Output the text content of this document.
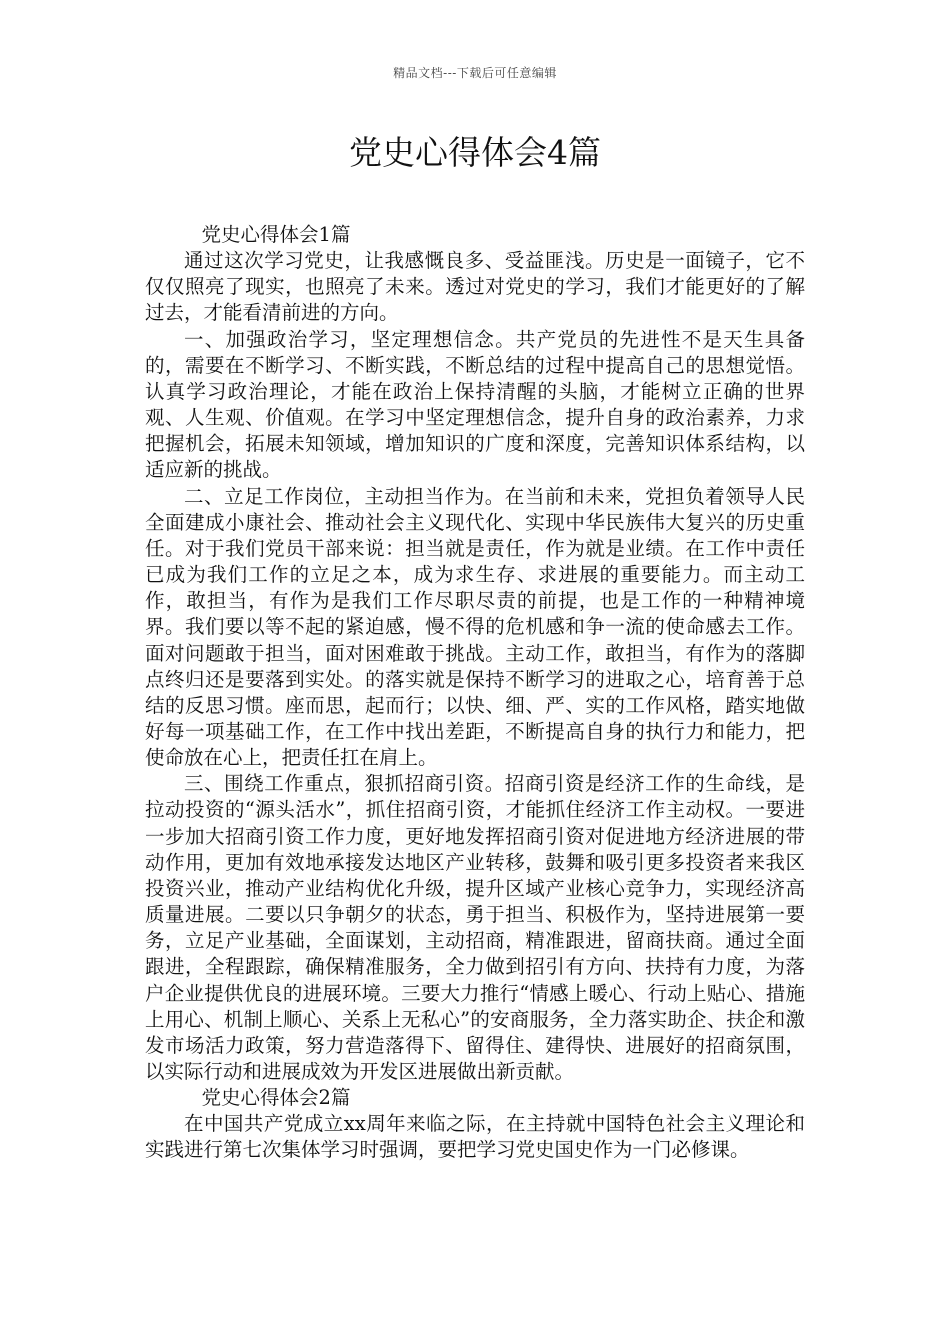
精品文档---下载后可任意编辑
党史心得体会4篇

党史心得体会1篇

通过这次学习党史，让我感慨良多、受益匪浅。历史是一面镜子，它不仅仅照亮了现实，也照亮了未来。透过对党史的学习，我们才能更好的了解过去，才能看清前进的方向。

一、加强政治学习，坚定理想信念。共产党员的先进性不是天生具备的，需要在不断学习、不断实践，不断总结的过程中提高自己的思想觉悟。认真学习政治理论，才能在政治上保持清醒的头脑，才能树立正确的世界观、人生观、价值观。在学习中坚定理想信念，提升自身的政治素养，力求把握机会，拓展未知领域，增加知识的广度和深度，完善知识体系结构，以适应新的挑战。

二、立足工作岗位，主动担当作为。在当前和未来，党担负着领导人民全面建成小康社会、推动社会主义现代化、实现中华民族伟大复兴的历史重任。对于我们党员干部来说：担当就是责任，作为就是业绩。在工作中责任已成为我们工作的立足之本，成为求生存、求进展的重要能力。而主动工作，敢担当，有作为是我们工作尽职尽责的前提，也是工作的一种精神境界。我们要以等不起的紧迫感，慢不得的危机感和争一流的使命感去工作。面对问题敢于担当，面对困难敢于挑战。主动工作，敢担当，有作为的落脚点终归还是要落到实处。的落实就是保持不断学习的进取之心，培育善于总结的反思习惯。座而思，起而行；以快、细、严、实的工作风格，踏实地做好每一项基础工作，在工作中找出差距，不断提高自身的执行力和能力，把使命放在心上，把责任扛在肩上。

三、围绕工作重点，狠抓招商引资。招商引资是经济工作的生命线，是拉动投资的“源头活水”，抓住招商引资，才能抓住经济工作主动权。一要进一步加大招商引资工作力度，更好地发挥招商引资对促进地方经济进展的带动作用，更加有效地承接发达地区产业转移，鼓舞和吸引更多投资者来我区投资兴业，推动产业结构优化升级，提升区域产业核心竞争力，实现经济高质量进展。二要以只争朝夕的状态，勇于担当、积极作为，坚持进展第一要务，立足产业基础，全面谋划，主动招商，精准跟进，留商扶商。通过全面跟进，全程跟踪，确保精准服务，全力做到招引有方向、扶持有力度，为落户企业提供优良的进展环境。三要大力推行“情感上暖心、行动上贴心、措施上用心、机制上顺心、关系上无私心”的安商服务，全力落实助企、扶企和激发市场活力政策，努力营造落得下、留得住、建得快、进展好的招商氛围，以实际行动和进展成效为开发区进展做出新贡献。

党史心得体会2篇

在中国共产党成立xx周年来临之际，在主持就中国特色社会主义理论和实践进行第七次集体学习时强调，要把学习党史国史作为一门必修课。
